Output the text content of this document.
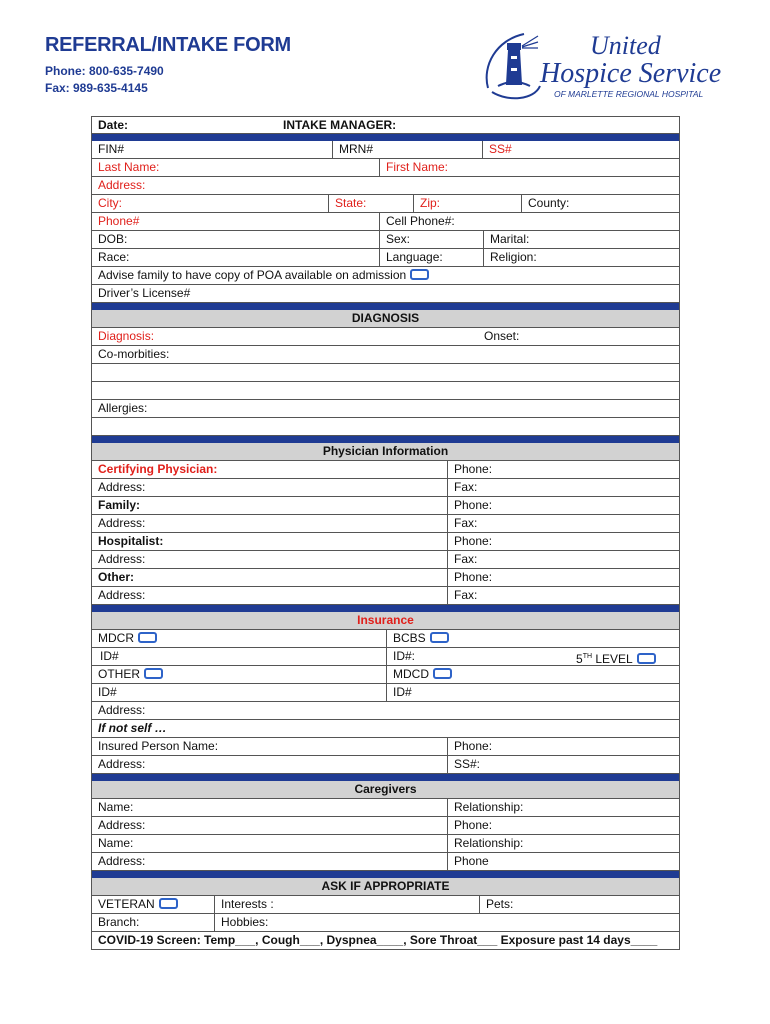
REFERRAL/INTAKE FORM
Phone: 800-635-7490
Fax: 989-635-4145
United
Hospice Service
OF MARLETTE REGIONAL HOSPITAL
Date:	INTAKE MANAGER:
FIN#	MRN#	SS#
Last Name:	First Name:
Address:
City:	State:	Zip:	County:
Phone#	Cell Phone#:
DOB:	Sex:	Marital:
Race:	Language:	Religion:
Advise family to have copy of POA available on admission
Driver’s License#
DIAGNOSIS
Diagnosis:	Onset:
Co-morbities:
Allergies:
Physician Information
Certifying Physician:	Phone:
Address:	Fax:
Family:	Phone:
Address:	Fax:
Hospitalist:	Phone:
Address:	Fax:
Other:	Phone:
Address:	Fax:
Insurance
MDCR	BCBS
ID#	ID#:	5TH LEVEL
OTHER	MDCD
ID#	ID#
Address:
If not self …
Insured Person Name:	Phone:
Address:	SS#:
Caregivers
Name:	Relationship:
Address:	Phone:
Name:	Relationship:
Address:	Phone
ASK IF APPROPRIATE
VETERAN	Interests :	Pets:
Branch:	Hobbies:
COVID-19 Screen: Temp___, Cough___, Dyspnea____, Sore Throat___ Exposure past 14 days____
